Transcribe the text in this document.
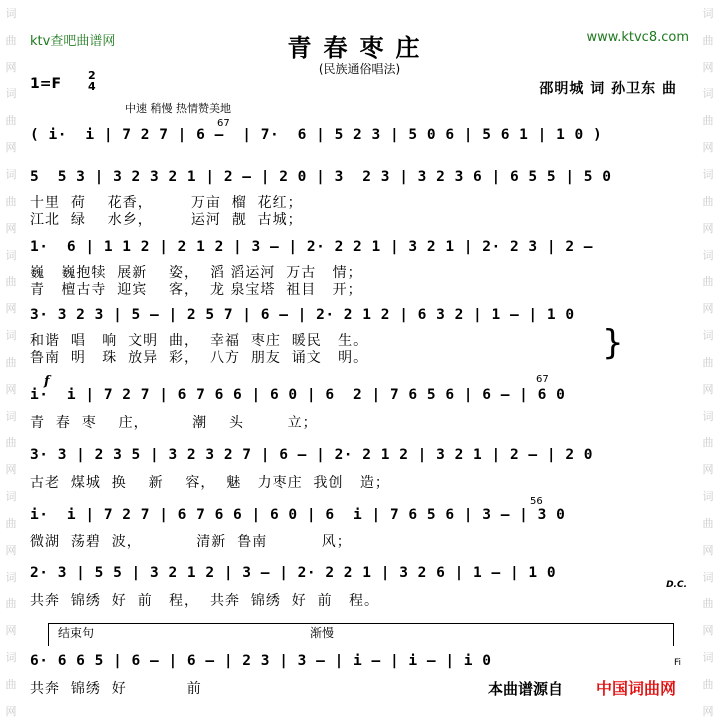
词
曲
网
词
曲
网
词
曲
网
词
曲
网
词
曲
网
词
曲
网
词
曲
网
词
曲
网
词
曲
网
词
曲
网
词
曲
网
词
曲
网
词
曲
网
词
曲
网
词
曲
网
词
曲
网
词
曲
网
词
曲
网
ktv查吧曲谱网	www.ktvc8.com
青春枣庄
(民族通俗唱法)
1=F
2
4	邵明城 词 孙卫东 曲
中速 稍慢 热情赞美地
67
( i·  i | 7 2 7 | 6 —  | 7·  6 | 5 2 3 | 5 0 6 | 5 6 1 | 1 0 )
5  5 3 | 3 2 3 2 1 | 2 — | 2 0 | 3  2 3 | 3 2 3 6 | 6 5 5 | 5 0
十里  荷    花香，       万亩  榴  花红；
江北  绿    水乡，       运河  靓  古城；
1·  6 | 1 1 2 | 2 1 2 | 3 — | 2· 2 2 1 | 3 2 1 | 2· 2 3 | 2 —
巍   巍抱犊  展新    姿，  滔 滔运河  万古   情；
青   檀古寺  迎宾    客，  龙 泉宝塔  祖目   开；
3· 3 2 3 | 5 — | 2 5 7 | 6 — | 2· 2 1 2 | 6 3 2 | 1 — | 1 0
和谐  唱   响  文明  曲，  幸福  枣庄  暖民   生。
鲁南  明   珠  放异  彩，  八方  朋友  诵文   明。	}
f	67
i·  i | 7 2 7 | 6 7 6 6 | 6 0 | 6  2 | 7 6 5 6 | 6 — | 6 0
青  春  枣    庄，        潮    头        立；
3· 3 | 2 3 5 | 3 2 3 2 7 | 6 — | 2· 2 1 2 | 3 2 1 | 2 — | 2 0
古老  煤城  换    新    容，  魅   力枣庄  我创   造；
56
i·  i | 7 2 7 | 6 7 6 6 | 6 0 | 6  i | 7 6 5 6 | 3 — | 3 0
微湖  荡碧  波，          清新  鲁南          风；
2· 3 | 5 5 | 3 2 1 2 | 3 — | 2· 2 2 1 | 3 2 6 | 1 — | 1 0
D.C.
共奔  锦绣  好  前   程，  共奔  锦绣  好  前   程。
结束句	渐慢
6· 6 6 5 | 6 — | 6 — | 2 3 | 3 — | i — | i — | i 0	Fi
共奔  锦绣  好           前	本曲谱源自 中国词曲网
